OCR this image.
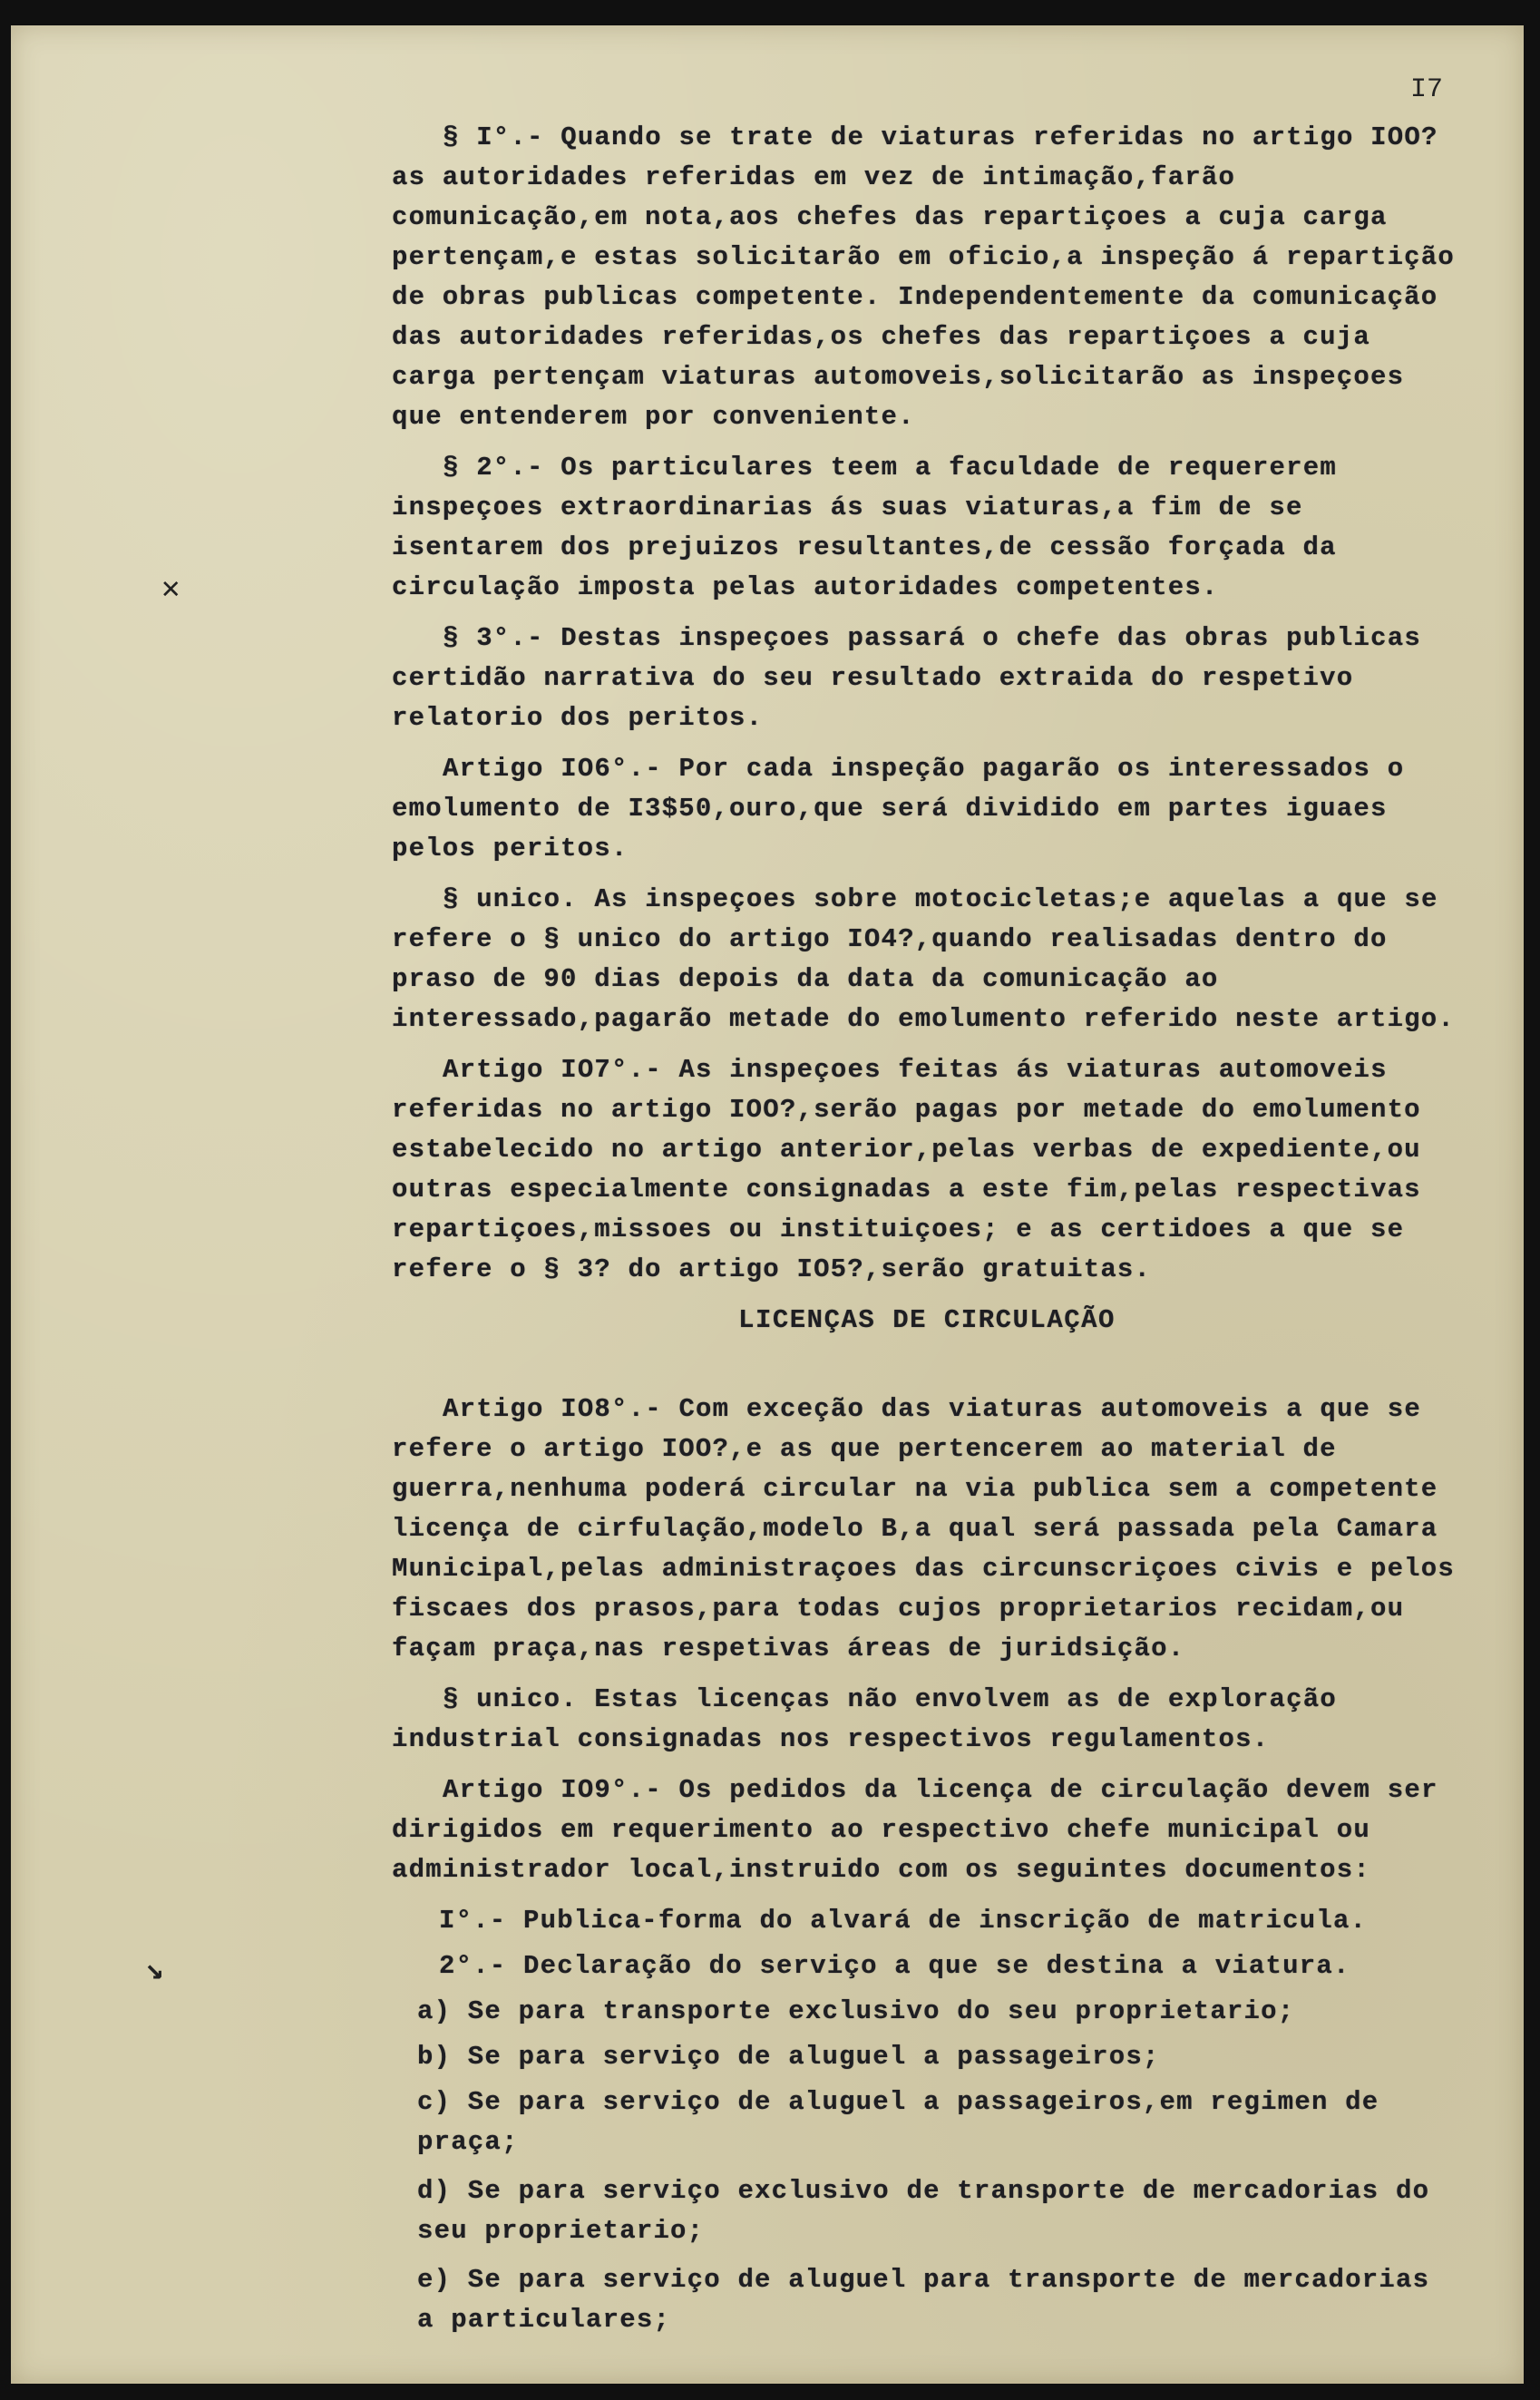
I7
✕
↘

§ I°.- Quando se trate de viaturas referidas no artigo IOO? as autoridades referidas em vez de intimação,farão comunicação,em nota,aos chefes das repartiçoes a cuja carga pertençam,e estas solicitarão em oficio,a inspeção á repartição de obras publicas competente. Independentemente da comunicação das autoridades referidas,os chefes das repartiçoes a cuja carga pertençam viaturas automoveis,solicitarão as inspeçoes que entenderem por conveniente.

§ 2°.- Os particulares teem a faculdade de requererem inspeçoes extraordinarias ás suas viaturas,a fim de se isentarem dos prejuizos resultantes,de cessão forçada da circulação imposta pelas autoridades competentes.

§ 3°.- Destas inspeçoes passará o chefe das obras publicas certidão narrativa do seu resultado extraida do respetivo relatorio dos peritos.

Artigo IO6°.- Por cada inspeção pagarão os interessados o emolumento de I3$50,ouro,que será dividido em partes iguaes pelos peritos.

§ unico. As inspeçoes sobre motocicletas;e aquelas a que se refere o § unico do artigo IO4?,quando realisadas dentro do praso de 90 dias depois da data da comunicação ao interessado,pagarão metade do emolumento referido neste artigo.

Artigo IO7°.- As inspeçoes feitas ás viaturas automoveis referidas no artigo IOO?,serão pagas por metade do emolumento estabelecido no artigo anterior,pelas verbas de expediente,ou outras especialmente consignadas a este fim,pelas respectivas repartiçoes,missoes ou instituiçoes; e as certidoes a que se refere o § 3? do artigo IO5?,serão gratuitas.

LICENÇAS DE CIRCULAÇÃO

Artigo IO8°.- Com exceção das viaturas automoveis a que se refere o artigo IOO?,e as que pertencerem ao material de guerra,nenhuma poderá circular na via publica sem a competente licença de cirfulação,modelo B,a qual será passada pela Camara Municipal,pelas administraçoes das circunscriçoes civis e pelos fiscaes dos prasos,para todas cujos proprietarios recidam,ou façam praça,nas respetivas áreas de juridsição.

§ unico. Estas licenças não envolvem as de exploração industrial consignadas nos respectivos regulamentos.

Artigo IO9°.- Os pedidos da licença de circulação devem ser dirigidos em requerimento ao respectivo chefe municipal ou administrador local,instruido com os seguintes documentos:

I°.- Publica-forma do alvará de inscrição de matricula.

2°.- Declaração do serviço a que se destina a viatura.

a) Se para transporte exclusivo do seu proprietario;

b) Se para serviço de aluguel a passageiros;

c) Se para serviço de aluguel a passageiros,em regimen de praça;

d) Se para serviço exclusivo de transporte de mercadorias do seu proprietario;

e) Se para serviço de aluguel para transporte de mercadorias a particulares;
